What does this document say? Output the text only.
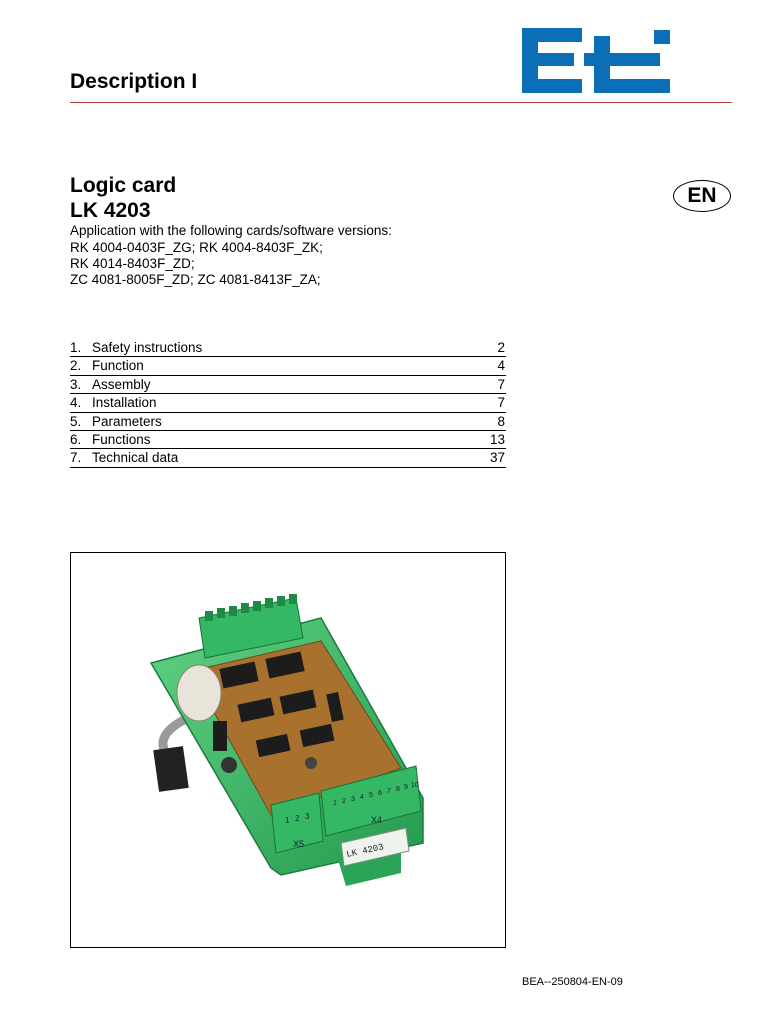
Description I
Logic card
LK 4203
EN
Application with the following cards/software versions:
RK 4004-0403F_ZG; RK 4004-8403F_ZK;
RK 4014-8403F_ZD;
ZC 4081-8005F_ZD; ZC 4081-8413F_ZA;
1. Safety instructions	2
2. Function	4
3. Assembly	7
4. Installation	7
5. Parameters	8
6. Functions	13
7. Technical data	37
1 2 3
X5
1 2 3 4 5 6 7 8 9 10
X4
LK 4203
BEA--250804-EN-09
